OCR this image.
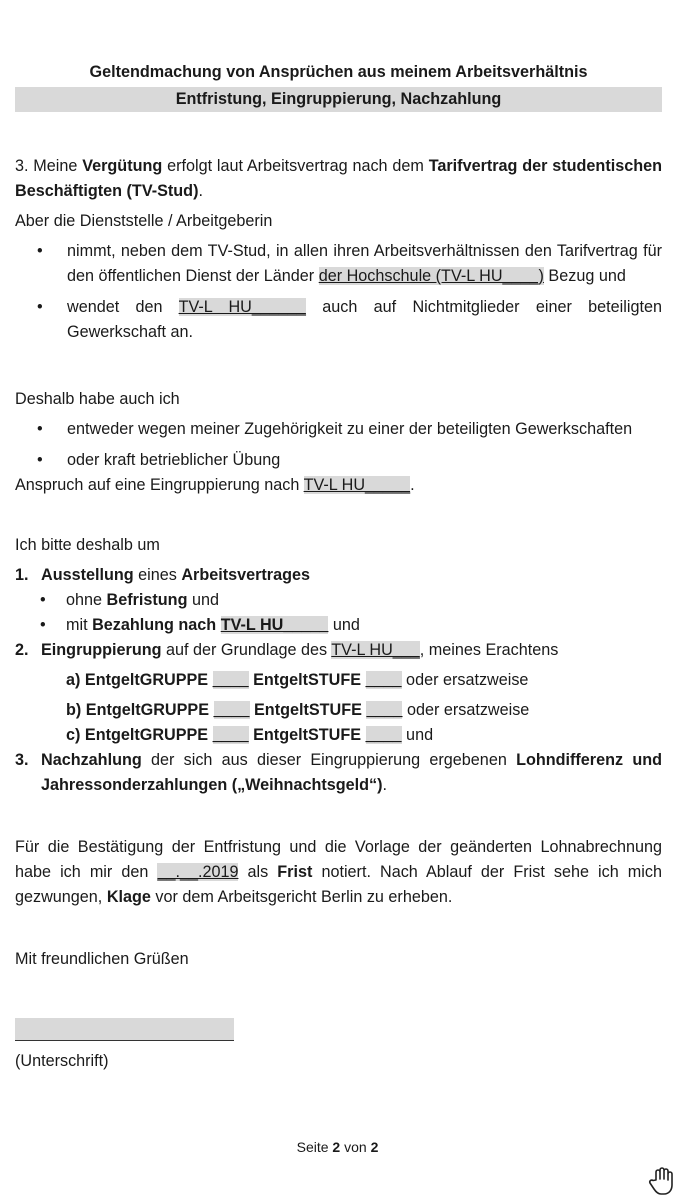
Geltendmachung von Ansprüchen aus meinem Arbeitsverhältnis

Entfristung, Eingruppierung, Nachzahlung

3. Meine Vergütung erfolgt laut Arbeitsvertrag nach dem Tarifvertrag der studentischen Beschäftigten (TV-Stud).

Aber die Dienststelle / Arbeitgeberin

• nimmt, neben dem TV-Stud, in allen ihren Arbeitsverhältnissen den Tarifvertrag für den öffentlichen Dienst der Länder der Hochschule (TV-L HU____) Bezug und
• wendet den TV-L HU______ auch auf Nichtmitglieder einer beteiligten Gewerkschaft an.

Deshalb habe auch ich

• entweder wegen meiner Zugehörigkeit zu einer der beteiligten Gewerkschaften
• oder kraft betrieblicher Übung

Anspruch auf eine Eingruppierung nach TV-L HU_____.

Ich bitte deshalb um

1. Ausstellung eines Arbeitsvertrages
• ohne Befristung und
• mit Bezahlung nach TV-L HU_____ und
2. Eingruppierung auf der Grundlage des TV-L HU___, meines Erachtens
a) EntgeltGRUPPE ____ EntgeltSTUFE ____ oder ersatzweise
b) EntgeltGRUPPE ____ EntgeltSTUFE ____ oder ersatzweise
c) EntgeltGRUPPE ____ EntgeltSTUFE ____ und
3. Nachzahlung der sich aus dieser Eingruppierung ergebenen Lohndifferenz und Jahressonderzahlungen („Weihnachtsgeld“).

Für die Bestätigung der Entfristung und die Vorlage der geänderten Lohnabrechnung habe ich mir den __.__.2019 als Frist notiert. Nach Ablauf der Frist sehe ich mich gezwungen, Klage vor dem Arbeitsgericht Berlin zu erheben.

Mit freundlichen Grüßen

(Unterschrift)

Seite 2 von 2
